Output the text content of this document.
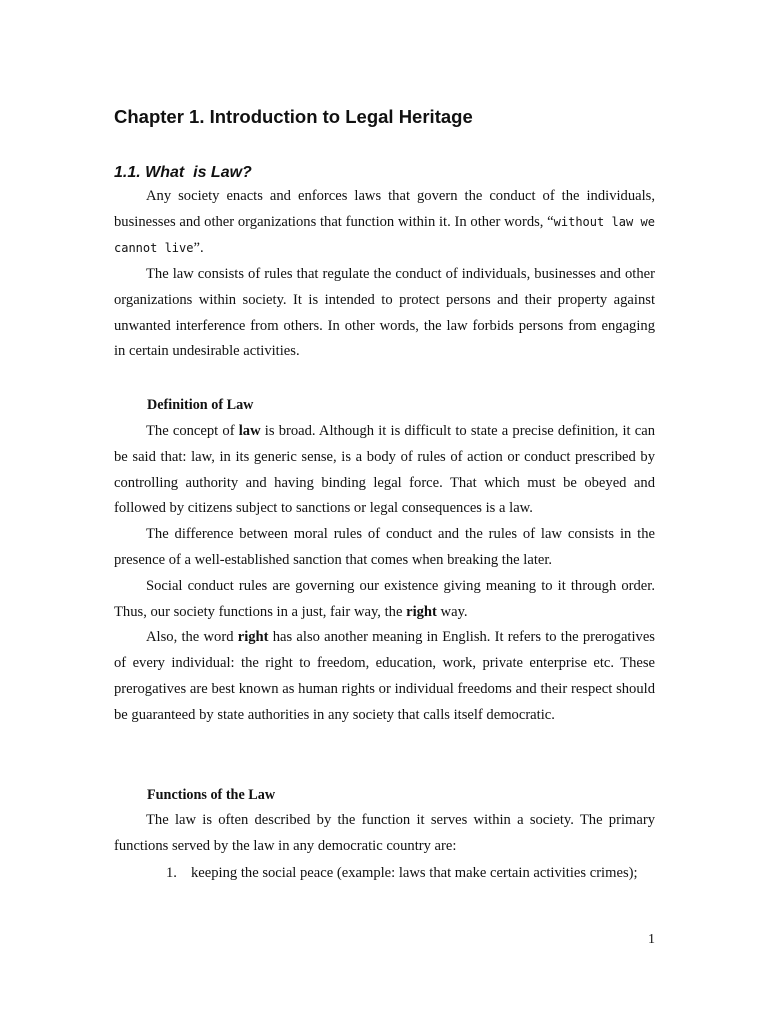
Chapter 1. Introduction to Legal Heritage
1.1. What  is Law?

Any society enacts and enforces laws that govern the conduct of the individuals, businesses and other organizations that function within it. In other words, “without law we cannot live”.

The law consists of rules that regulate the conduct of individuals, businesses and other organizations within society. It is intended to protect persons and their property against unwanted interference from others. In other words, the law forbids persons from engaging in certain undesirable activities.

Definition of Law

The concept of law is broad. Although it is difficult to state a precise definition, it can be said that: law, in its generic sense, is a body of rules of action or conduct prescribed by controlling authority and having binding legal force. That which must be obeyed and followed by citizens subject to sanctions or legal consequences is a law.

The difference between moral rules of conduct and the rules of law consists in the presence of a well-established sanction that comes when breaking the later.

Social conduct rules are governing our existence giving meaning to it through order. Thus, our society functions in a just, fair way, the right way.

Also, the word right has also another meaning in English. It refers to the prerogatives of every individual: the right to freedom, education, work, private enterprise etc. These prerogatives are best known as human rights or individual freedoms and their respect should be guaranteed by state authorities in any society that calls itself democratic.

Functions of the Law

The law is often described by the function it serves within a society. The primary functions served by the law in any democratic country are:

1. keeping the social peace (example: laws that make certain activities crimes);
1
